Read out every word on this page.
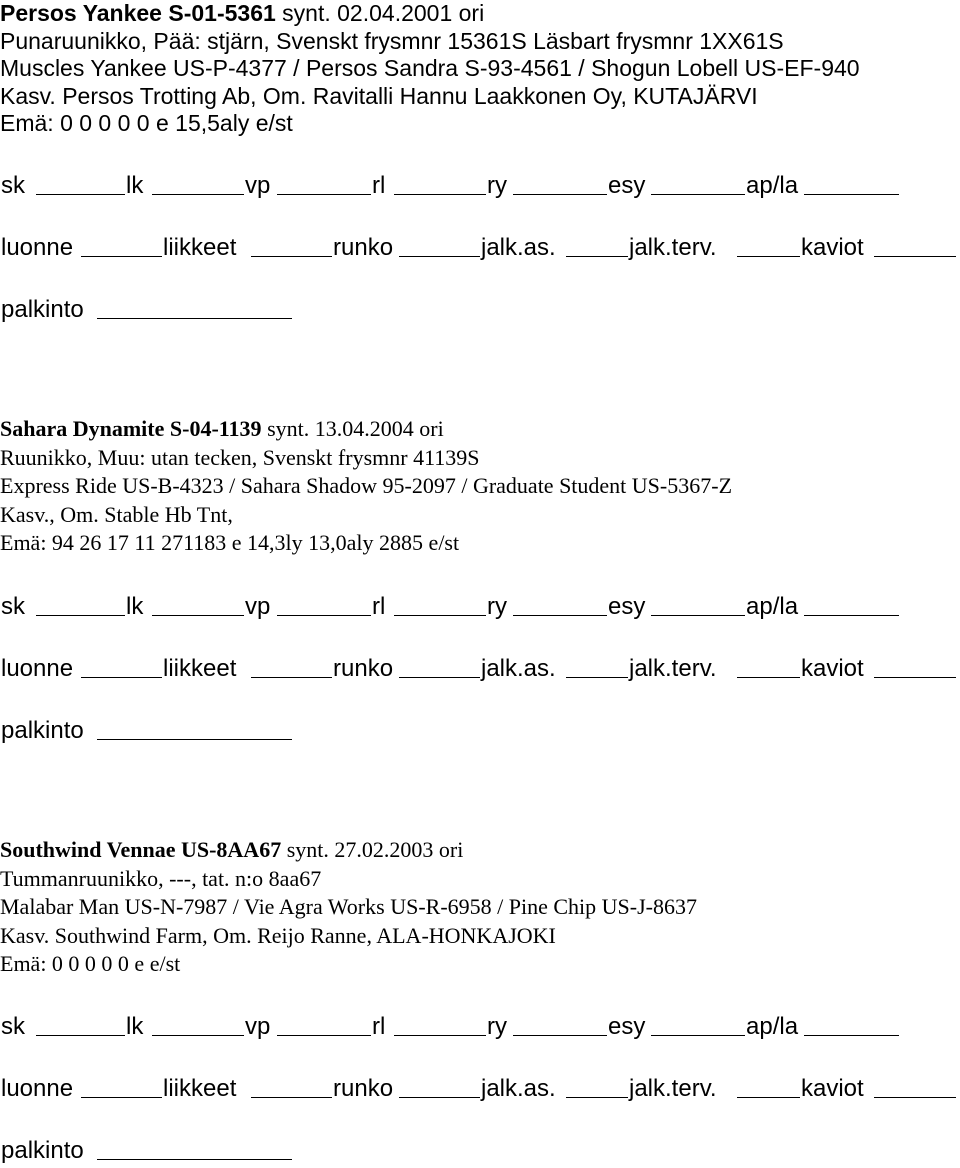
Persos Yankee S-01-5361 synt. 02.04.2001 ori
Punaruunikko, Pää: stjärn, Svenskt frysmnr 15361S Läsbart frysmnr 1XX61S
Muscles Yankee US-P-4377 / Persos Sandra S-93-4561 / Shogun Lobell US-EF-940
Kasv. Persos Trotting Ab, Om. Ravitalli Hannu Laakkonen Oy, KUTAJÄRVI
Emä: 0 0 0 0 0 e 15,5aly e/st
sk	lk	vp	rl	ry	esy	ap/la
luonne	liikkeet	runko	jalk.as.	jalk.terv.	kaviot
palkinto
Sahara Dynamite S-04-1139 synt. 13.04.2004 ori
Ruunikko, Muu: utan tecken, Svenskt frysmnr 41139S
Express Ride US-B-4323 / Sahara Shadow 95-2097 / Graduate Student US-5367-Z
Kasv., Om. Stable Hb Tnt,
Emä: 94 26 17 11 271183 e 14,3ly 13,0aly 2885 e/st
sk	lk	vp	rl	ry	esy	ap/la
luonne	liikkeet	runko	jalk.as.	jalk.terv.	kaviot
palkinto
Southwind Vennae US-8AA67 synt. 27.02.2003 ori
Tummanruunikko, ---, tat. n:o 8aa67
Malabar Man US-N-7987 / Vie Agra Works US-R-6958 / Pine Chip US-J-8637
Kasv. Southwind Farm, Om. Reijo Ranne, ALA-HONKAJOKI
Emä: 0 0 0 0 0 e e/st
sk	lk	vp	rl	ry	esy	ap/la
luonne	liikkeet	runko	jalk.as.	jalk.terv.	kaviot
palkinto
